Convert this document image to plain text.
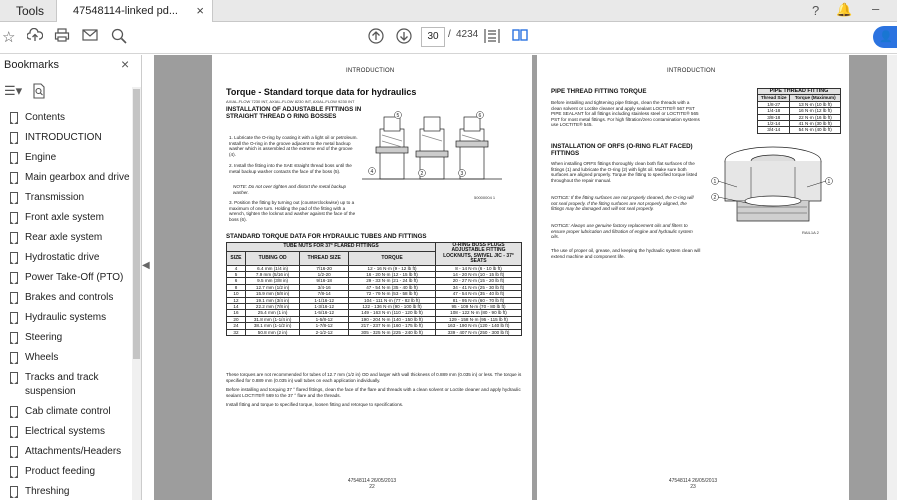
Tools	47548114-linked pd... ×	? 🔔 –
☆	30 / 4234	👤
Bookmarks	×
☰▾
Contents
INTRODUCTION
Engine
Main gearbox and drive
Transmission
Front axle system
Rear axle system
Hydrostatic drive
Power Take-Off (PTO)
Brakes and controls
Hydraulic systems
Steering
Wheels
Tracks and track suspension
Cab climate control
Electrical systems
Attachments/Headers
Product feeding
Threshing
◀
INTRODUCTION
Torque - Standard torque data for hydraulics
AXIAL-FLOW 7230 INT, AXIAL-FLOW 8230 INT, AXIAL-FLOW 9230 INT
INSTALLATION OF ADJUSTABLE FITTINGS IN STRAIGHT THREAD O RING BOSSES
1. Lubricate the O-ring by coating it with a light oil or petroleum. Install the O-ring in the groove adjacent to the metal backup washer which is assembled at the extreme end of the groove (4).
2. Install the fitting into the SAE straight thread boss until the metal backup washer contacts the face of the boss (5).
NOTE: Do not over tighten and distort the metal backup washer.
3. Position the fitting by turning out (counterclockwise) up to a maximum of one turn. Holding the pad of the fitting with a wrench, tighten the locknut and washer against the face of the boss (6).
4	2	3
5	6
50000004 1
STANDARD TORQUE DATA FOR HYDRAULIC TUBES AND FITTINGS
TUBE NUTS FOR 37° FLARED FITTINGS				O-RING BOSS PLUGS ADJUSTABLE FITTING LOCKNUTS, SWIVEL JIC - 37° SEATS
SIZE	TUBING OD	THREAD SIZE	TORQUE	
4	6.4 mm (1/4 in)	7/16-20	12 - 16 N·m (9 - 12 lb ft)	8 - 14 N·m (6 - 10 lb ft)
5	7.9 mm (5/16 in)	1/2-20	16 - 20 N·m (12 - 15 lb ft)	14 - 20 N·m (10 - 15 lb ft)
6	9.5 mm (3/8 in)	9/16-18	29 - 33 N·m (21 - 24 lb ft)	20 - 27 N·m (15 - 20 lb ft)
8	12.7 mm (1/2 in)	3/4-16	47 - 54 N·m (35 - 40 lb ft)	34 - 41 N·m (25 - 30 lb ft)
10	15.9 mm (5/8 in)	7/8-14	72 - 79 N·m (53 - 58 lb ft)	47 - 54 N·m (35 - 40 lb ft)
12	19.1 mm (3/4 in)	1-1/16-12	104 - 111 N·m (77 - 82 lb ft)	81 - 95 N·m (60 - 70 lb ft)
14	22.2 mm (7/8 in)	1-3/16-12	122 - 136 N·m (90 - 100 lb ft)	95 - 109 N·m (70 - 80 lb ft)
16	25.4 mm (1 in)	1-5/16-12	149 - 163 N·m (110 - 120 lb ft)	108 - 122 N·m (80 - 90 lb ft)
20	31.8 mm (1-1/4 in)	1-5/8-12	190 - 204 N·m (140 - 150 lb ft)	129 - 158 N·m (95 - 115 lb ft)
24	38.1 mm (1-1/2 in)	1-7/8-12	217 - 237 N·m (160 - 175 lb ft)	163 - 190 N·m (120 - 140 lb ft)
32	50.8 mm (2 in)	2-1/2-12	305 - 325 N·m (225 - 240 lb ft)	339 - 407 N·m (250 - 300 lb ft)
These torques are not recommended for tubes of 12.7 mm (1/2 in) OD and larger with wall thickness of 0.889 mm (0.035 in) or less. The torque is specified for 0.889 mm (0.035 in) wall tubes on each application individually.
Before installing and torquing 37 ° flared fittings, clean the face of the flare and threads with a clean solvent or Loctite cleaner and apply hydraulic sealant LOCTITE® 569 to the 37 ° flare and the threads.
Install fitting and torque to specified torque, loosen fitting and retorque to specifications.
47548114 26/05/2013
22
INTRODUCTION
PIPE THREAD FITTING TORQUE
Before installing and tightening pipe fittings, clean the threads with a clean solvent or Loctite cleaner and apply sealant LOCTITE® 567 PST PIPE SEALANT for all fittings including stainless steel or LOCTITE® 565 PST for most metal fittings. For high filtration/zero contamination systems use LOCTITE® 545.
PIPE THREAD FITTING	
Thread Size	Torque (Maximum)
1/8-27	13 N·m (10 lb ft)
1/4-18	16 N·m (12 lb ft)
3/8-18	22 N·m (16 lb ft)
1/2-14	41 N·m (30 lb ft)
3/4-14	54 N·m (40 lb ft)
INSTALLATION OF ORFS (O-RING FLAT FACED) FITTINGS
When installing ORFS fittings thoroughly clean both flat surfaces of the fittings (1) and lubricate the O-ring (2) with light oil. Make sure both surfaces are aligned properly. Torque the fitting to specified torque listed throughout the repair manual.
NOTICE: If the fitting surfaces are not properly cleaned, the O-ring will not seal properly. If the fitting surfaces are not properly aligned, the fittings may be damaged and will not seal properly.
NOTICE: Always use genuine factory replacement oils and filters to ensure proper lubrication and filtration of engine and hydraulic system oils.
The use of proper oil, grease, and keeping the hydraulic system clean will extend machine and component life.
1
2
1
RAIL1A 2
47548114 26/05/2013
23
